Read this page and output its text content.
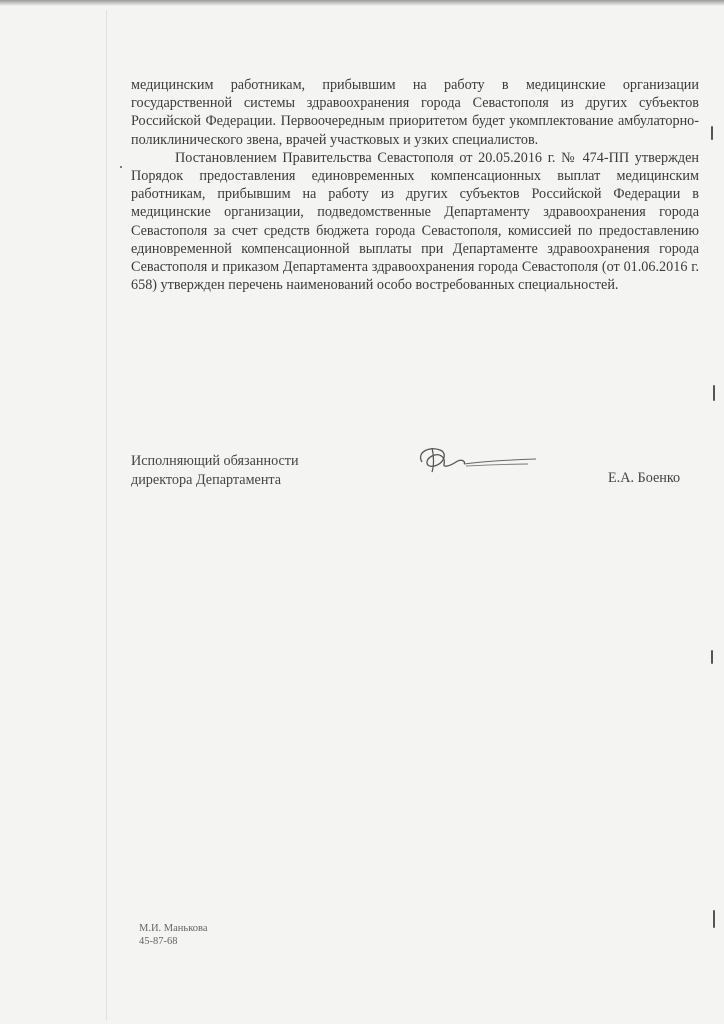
медицинским работникам, прибывшим на работу в медицинские организации государственной системы здравоохранения города Севастополя из других субъектов Российской Федерации. Первоочередным приоритетом будет укомплектование амбулаторно-поликлинического звена, врачей участковых и узких специалистов.

Постановлением Правительства Севастополя от 20.05.2016 г. № 474-ПП утвержден Порядок предоставления единовременных компенсационных выплат медицинским работникам, прибывшим на работу из других субъектов Российской Федерации в медицинские организации, подведомственные Департаменту здравоохранения города Севастополя за счет средств бюджета города Севастополя, комиссией по предоставлению единовременной компенсационной выплаты при Департаменте здравоохранения города Севастополя и приказом Департамента здравоохранения города Севастополя (от 01.06.2016 г. 658) утвержден перечень наименований особо востребованных специальностей.

Исполняющий обязанности
директора Департамента	Е.А. Боенко
М.И. Манькова
45-87-68
